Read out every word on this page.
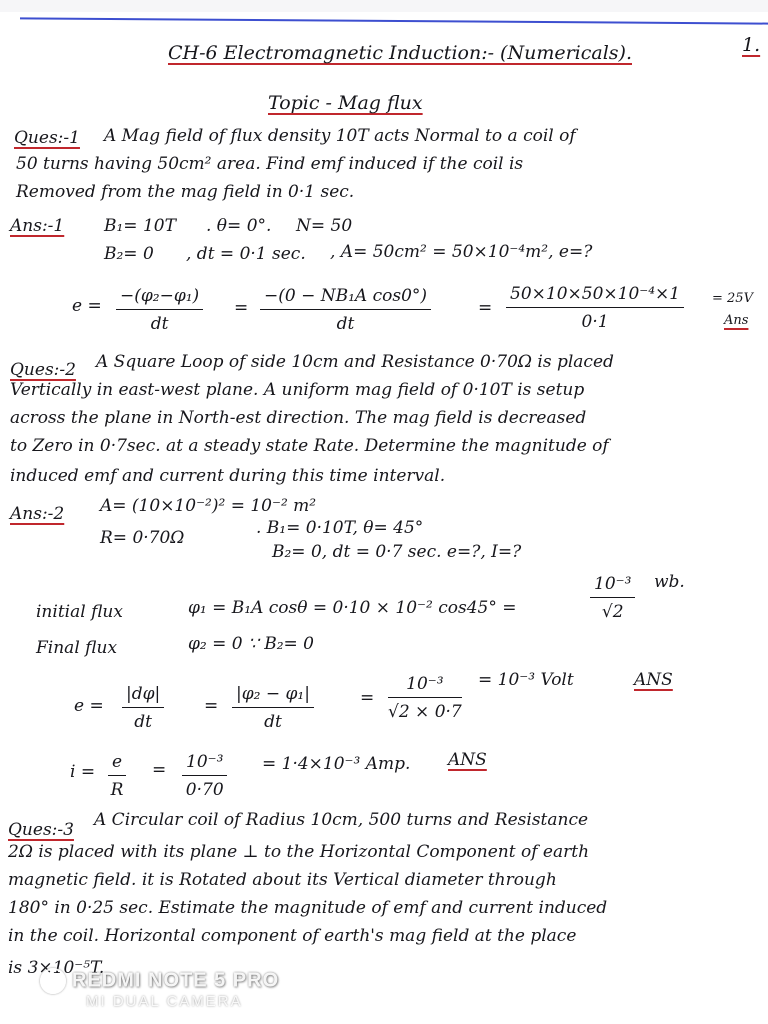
CH-6 Electromagnetic Induction:- (Numericals).	1.
Topic - Mag flux
Ques:-1 A Mag field of flux density 10T acts Normal to a coil of
50 turns having 50cm² area. Find emf induced if the coil is
Removed from the mag field in 0·1 sec.
Ans:-1 B₁= 10T . θ= 0°. N= 50
B₂= 0 , dt = 0·1 sec. , A= 50cm² = 50×10⁻⁴m², e=?
$e = \frac{\text{−(φ₂−φ₁)}}{dt} = \frac{\text{−(0 − NB₁A cos0°)}}{dt}$	= $\frac{\text{50×10×50×10⁻⁴×1}}{0\cdot 1} = 25V$
Ans
Ques:-2 A Square Loop of side 10cm and Resistance 0·70Ω is placed
Vertically in east-west plane. A uniform mag field of 0·10T is setup
across the plane in North-est direction. The mag field is decreased
to Zero in 0·7sec. at a steady state Rate. Determine the magnitude of
induced emf and current during this time interval.
Ans:-2 A= (10×10⁻²)² = 10⁻² m²
R= 0·70Ω	. B₁= 0·10T, θ= 45°
B₂= 0, dt = 0·7 sec. e=?, I=?
initial flux	φ₁ = B₁A cosθ = 0·10 × 10⁻² cos45° =	$\frac{\text{10⁻³}}{√2}$ wb.
Final flux	φ₂ = 0 ∵ B₂= 0
$e = \frac{|d\varphi|}{dt} = \frac{\text{|φ₂ − φ₁|}}{dt}$	= $\frac{\text{10⁻³}}{√2 \times 0\cdot 7} = 10^{-3}$ Volt	ANS
$i = \frac{e}{R} = \frac{\text{10⁻³}}{0\cdot 70} = 1\cdot 4\times 10^{-3}$ Amp. ANS
Ques:-3 A Circular coil of Radius 10cm, 500 turns and Resistance
2Ω is placed with its plane ⊥ to the Horizontal Component of earth
magnetic field. it is Rotated about its Vertical diameter through
180° in 0·25 sec. Estimate the magnitude of emf and current induced
in the coil. Horizontal component of earth's mag field at the place
is 3×10⁻⁵T.
REDMI NOTE 5 PRO
MI DUAL CAMERA
